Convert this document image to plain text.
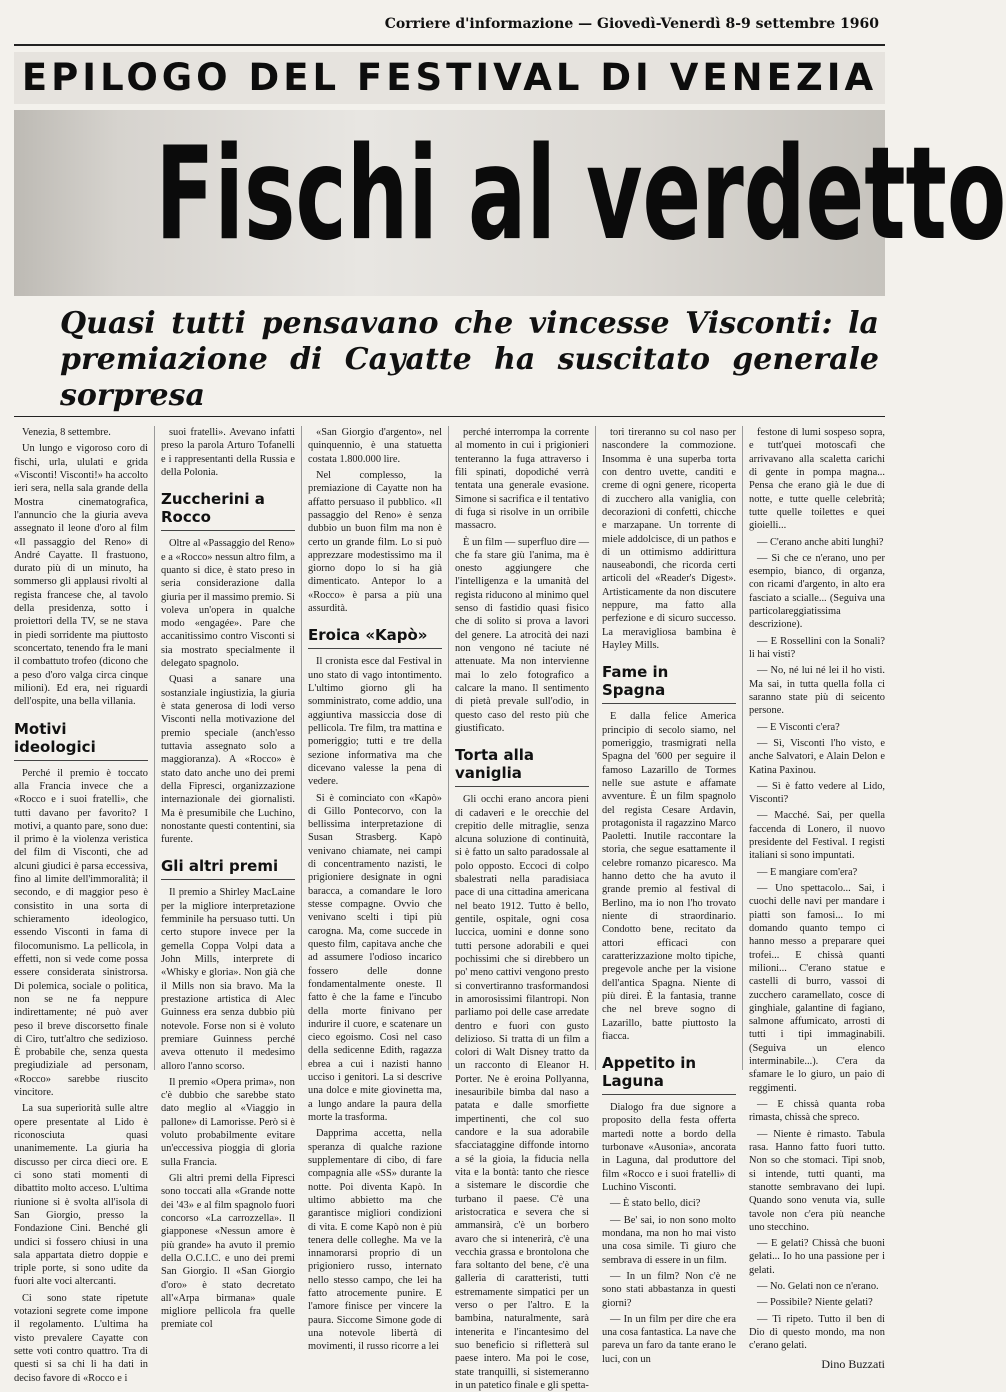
Corriere d'informazione — Giovedì-Venerdì 8-9 settembre 1960
EPILOGO DEL FESTIVAL DI VENEZIA
Fischi al verdetto
Quasi tutti pensavano che vincesse Visconti: la premiazione di Cayatte ha suscitato generale sorpresa

Venezia, 8 settembre.

Un lungo e vigoroso coro di fischi, urla, ululati e grida «Visconti! Visconti!» ha accolto ieri sera, nella sala grande della Mostra cinematografica, l'annuncio che la giuria aveva assegnato il leone d'oro al film «Il passaggio del Reno» di André Cayatte. Il frastuono, durato più di un minuto, ha sommerso gli applausi rivolti al regista francese che, al tavolo della presidenza, sotto i proiettori della TV, se ne stava in piedi sorridente ma piuttosto sconcertato, tenendo fra le mani il combattuto trofeo (dicono che a peso d'oro valga circa cinque milioni). Ed era, nei riguardi dell'ospite, una bella villania.

Motivi ideologici

Perché il premio è toccato alla Francia invece che a «Rocco e i suoi fratelli», che tutti davano per favorito? I motivi, a quanto pare, sono due: il primo è la violenza veristica del film di Visconti, che ad alcuni giudici è parsa eccessiva, fino al limite dell'immoralità; il secondo, e di maggior peso è consistito in una sorta di schieramento ideologico, essendo Visconti in fama di filocomunismo. La pellicola, in effetti, non si vede come possa essere considerata sinistrorsa. Di polemica, sociale o politica, non se ne fa neppure indirettamente; né può aver peso il breve discorsetto finale di Ciro, tutt'altro che sedizioso. È probabile che, senza questa pregiudiziale ad personam, «Rocco» sarebbe riuscito vincitore.

La sua superiorità sulle altre opere presentate al Lido è riconosciuta quasi unanimemente. La giuria ha discusso per circa dieci ore. E ci sono stati momenti di dibattito molto acceso. L'ultima riunione si è svolta all'isola di San Giorgio, presso la Fondazione Cini. Benché gli undici si fossero chiusi in una sala appartata dietro doppie e triple porte, si sono udite da fuori alte voci altercanti.

Ci sono state ripetute votazioni segrete come impone il regolamento. L'ultima ha visto prevalere Cayatte con sette voti contro quattro. Tra di questi si sa chi li ha dati in deciso favore di «Rocco e i

suoi fratelli». Avevano infatti preso la parola Arturo Tofanelli e i rappresentanti della Russia e della Polonia.

Zuccherini a Rocco

Oltre al «Passaggio del Reno» e a «Rocco» nessun altro film, a quanto si dice, è stato preso in seria considerazione dalla giuria per il massimo premio. Si voleva un'opera in qualche modo «engagée». Pare che accanitissimo contro Visconti si sia mostrato specialmente il delegato spagnolo.

Quasi a sanare una sostanziale ingiustizia, la giuria è stata generosa di lodi verso Visconti nella motivazione del premio speciale (anch'esso tuttavia assegnato solo a maggioranza). A «Rocco» è stato dato anche uno dei premi della Fipresci, organizzazione internazionale dei giornalisti. Ma è presumibile che Luchino, nonostante questi contentini, sia furente.

Gli altri premi

Il premio a Shirley MacLaine per la migliore interpretazione femminile ha persuaso tutti. Un certo stupore invece per la gemella Coppa Volpi data a John Mills, interprete di «Whisky e gloria». Non già che il Mills non sia bravo. Ma la prestazione artistica di Alec Guinness era senza dubbio più notevole. Forse non si è voluto premiare Guinness perché aveva ottenuto il medesimo alloro l'anno scorso.

Il premio «Opera prima», non c'è dubbio che sarebbe stato dato meglio al «Viaggio in pallone» di Lamorisse. Però si è voluto probabilmente evitare un'eccessiva pioggia di gloria sulla Francia.

Gli altri premi della Fipresci sono toccati alla «Grande notte dei '43» e al film spagnolo fuori concorso «La carrozzella». Il giapponese «Nessun amore è più grande» ha avuto il premio della O.C.I.C. e uno dei premi San Giorgio. Il «San Giorgio d'oro» è stato decretato all'«Arpa birmana» quale migliore pellicola fra quelle premiate col

«San Giorgio d'argento», nel quinquennio, è una statuetta costata 1.800.000 lire.

Nel complesso, la premiazione di Cayatte non ha affatto persuaso il pubblico. «Il passaggio del Reno» è senza dubbio un buon film ma non è certo un grande film. Lo si può apprezzare modestissimo ma il giorno dopo lo si ha già dimenticato. Antepor lo a «Rocco» è parsa a più una assurdità.

Eroica «Kapò»

Il cronista esce dal Festival in uno stato di vago intontimento. L'ultimo giorno gli ha somministrato, come addio, una aggiuntiva massiccia dose di pellicola. Tre film, tra mattina e pomeriggio; tutti e tre della sezione informativa ma che dicevano valesse la pena di vedere.

Si è cominciato con «Kapò» di Gillo Pontecorvo, con la bellissima interpretazione di Susan Strasberg. Kapò venivano chiamate, nei campi di concentramento nazisti, le prigioniere designate in ogni baracca, a comandare le loro stesse compagne. Ovvio che venivano scelti i tipi più carogna. Ma, come succede in questo film, capitava anche che ad assumere l'odioso incarico fossero delle donne fondamentalmente oneste. Il fatto è che la fame e l'incubo della morte finivano per indurire il cuore, e scatenare un cieco egoismo. Così nel caso della sedicenne Edith, ragazza ebrea a cui i nazisti hanno ucciso i genitori. La si descrive una dolce e mite giovinetta ma, a lungo andare la paura della morte la trasforma.

Dapprima accetta, nella speranza di qualche razione supplementare di cibo, di fare compagnia alle «SS» durante la notte. Poi diventa Kapò. In ultimo abbietto ma che garantisce migliori condizioni di vita. E come Kapò non è più tenera delle colleghe. Ma ve la innamorarsi proprio di un prigioniero russo, internato nello stesso campo, che lei ha fatto atrocemente punire. E l'amore finisce per vincere la paura. Siccome Simone gode di una notevole libertà di movimenti, il russo ricorre a lei

perché interrompa la corrente al momento in cui i prigionieri tenteranno la fuga attraverso i fili spinati, dopodiché verrà tentata una generale evasione. Simone si sacrifica e il tentativo di fuga si risolve in un orribile massacro.

È un film — superfluo dire — che fa stare giù l'anima, ma è onesto aggiungere che l'intelligenza e la umanità del regista riducono al minimo quel senso di fastidio quasi fisico che di solito si prova a lavori del genere. La atrocità dei nazi non vengono né taciute né attenuate. Ma non intervienne mai lo zelo fotografico a calcare la mano. Il sentimento di pietà prevale sull'odio, in questo caso del resto più che giustificato.

Torta alla vaniglia

Gli occhi erano ancora pieni di cadaveri e le orecchie del crepitio delle mitraglie, senza alcuna soluzione di continuità, si è fatto un salto paradossale al polo opposto. Eccoci di colpo sbalestrati nella paradisiaca pace di una cittadina americana nel beato 1912. Tutto è bello, gentile, ospitale, ogni cosa luccica, uomini e donne sono tutti persone adorabili e quei pochissimi che si direbbero un po' meno cattivi vengono presto si convertiranno trasformandosi in amorosissimi filantropi. Non parliamo poi delle case arredate dentro e fuori con gusto delizioso. Si tratta di un film a colori di Walt Disney tratto da un racconto di Eleanor H. Porter. Ne è eroina Pollyanna, inesauribile bimba dal naso a patata e dalle smorfiette impertinenti, che col suo candore e la sua adorabile sfacciataggine diffonde intorno a sé la gioia, la fiducia nella vita e la bontà: tanto che riesce a sistemare le discordie che turbano il paese. C'è una aristocratica e severa che si ammansirà, c'è un borbero avaro che si intenerirà, c'è una vecchia grassa e brontolona che fara soltanto del bene, c'è una galleria di caratteristi, tutti estremamente simpatici per un verso o per l'altro. E la bambina, naturalmente, sarà intenerita e l'incantesimo del suo beneficio si rifletterà sul paese intero. Ma poi le cose, state tranquilli, si sistemeranno in un patetico finale e gli spetta-

tori tireranno su col naso per nascondere la commozione. Insomma è una superba torta con dentro uvette, canditi e creme di ogni genere, ricoperta di zucchero alla vaniglia, con decorazioni di confetti, chicche e marzapane. Un torrente di miele addolcisce, di un pathos e di un ottimismo addirittura nauseabondi, che ricorda certi articoli del «Reader's Digest». Artisticamente da non discutere neppure, ma fatto alla perfezione e di sicuro successo. La meravigliosa bambina è Hayley Mills.

Fame in Spagna

E dalla felice America principio di secolo siamo, nel pomeriggio, trasmigrati nella Spagna del '600 per seguire il famoso Lazarillo de Tormes nelle sue astute e affamate avventure. È un film spagnolo del regista Cesare Ardavin, protagonista il ragazzino Marco Paoletti. Inutile raccontare la storia, che segue esattamente il celebre romanzo picaresco. Ma hanno detto che ha avuto il grande premio al festival di Berlino, ma io non l'ho trovato niente di straordinario. Condotto bene, recitato da attori efficaci con caratterizzazione molto tipiche, pregevole anche per la visione dell'antica Spagna. Niente di più direi. È la fantasia, tranne che nel breve sogno di Lazarillo, batte piuttosto la fiacca.

Appetito in Laguna

Dialogo fra due signore a proposito della festa offerta martedì notte a bordo della turbonave «Ausonia», ancorata in Laguna, dal produttore del film «Rocco e i suoi fratelli» di Luchino Visconti.

— È stato bello, dici?

— Be' sai, io non sono molto mondana, ma non ho mai visto una cosa simile. Ti giuro che sembrava di essere in un film.

— In un film? Non c'è ne sono stati abbastanza in questi giorni?

— In un film per dire che era una cosa fantastica. La nave che pareva un faro da tante erano le luci, con un

festone di lumi sospeso sopra, e tutt'quei motoscafi che arrivavano alla scaletta carichi di gente in pompa magna... Pensa che erano già le due di notte, e tutte quelle celebrità; tutte quelle toilettes e quei gioielli...

— C'erano anche abiti lunghi?

— Sì che ce n'erano, uno per esempio, bianco, di organza, con ricami d'argento, in alto era fasciato a scialle... (Seguiva una particolareggiatissima descrizione).

— E Rossellini con la Sonali? li hai visti?

— No, né lui né lei il ho visti. Ma sai, in tutta quella folla ci saranno state più di seicento persone.

— E Visconti c'era?

— Sì, Visconti l'ho visto, e anche Salvatori, e Alain Delon e Katina Paxinou.

— Sì è fatto vedere al Lido, Visconti?

— Macché. Sai, per quella faccenda di Lonero, il nuovo presidente del Festival. I registi italiani si sono impuntati.

— E mangiare com'era?

— Uno spettacolo... Sai, i cuochi delle navi per mandare i piatti son famosi... Io mi domando quanto tempo ci hanno messo a preparare quei trofei... E chissà quanti milioni... C'erano statue e castelli di burro, vassoi di zucchero caramellato, cosce di ginghiale, galantine di fagiano, salmone affumicato, arrosti di tutti i tipi immaginabili. (Seguiva un elenco interminabile...). C'era da sfamare le lo giuro, un paio di reggimenti.

— E chissà quanta roba rimasta, chissà che spreco.

— Niente è rimasto. Tabula rasa. Hanno fatto fuori tutto. Non so che stomaci. Tipi snob, si intende, tutti quanti, ma stanotte sembravano dei lupi. Quando sono venuta via, sulle tavole non c'era più neanche uno stecchino.

— E gelati? Chissà che buoni gelati... Io ho una passione per i gelati.

— No. Gelati non ce n'erano.

— Possibile? Niente gelati?

— Ti ripeto. Tutto il ben di Dio di questo mondo, ma non c'erano gelati.

Dino Buzzati
